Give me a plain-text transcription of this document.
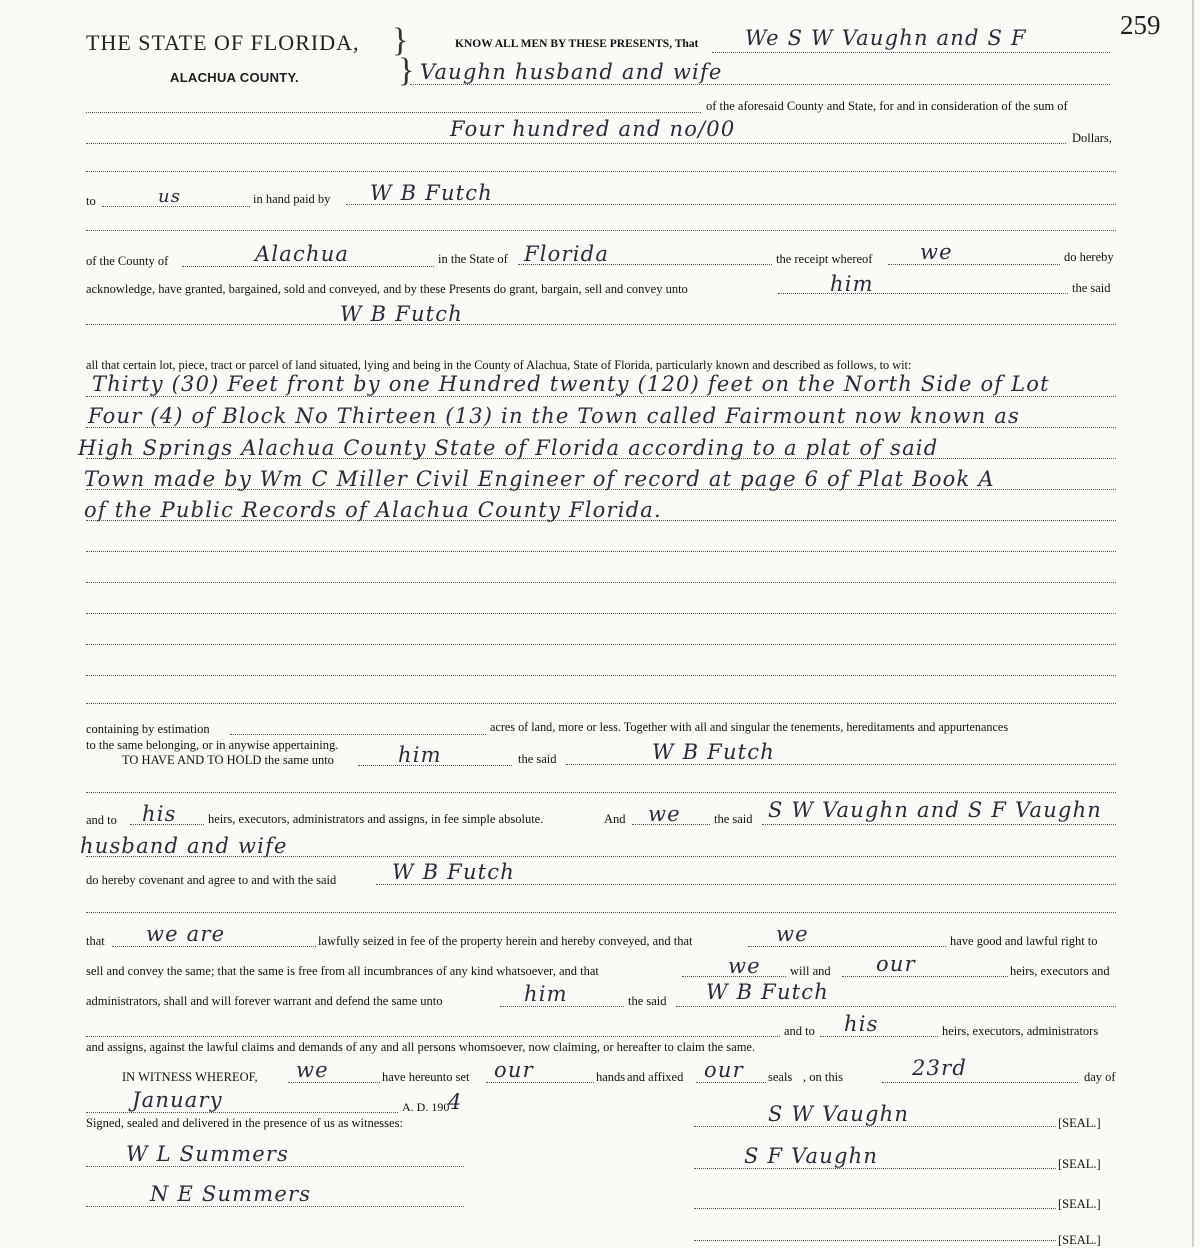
259
THE STATE OF FLORIDA,
ALACHUA COUNTY.
}
}
KNOW ALL MEN BY THESE PRESENTS, That We S W Vaughn and S F
Vaughn husband and wife
of the aforesaid County and State, for and in consideration of the sum of
Four hundred and no/00	Dollars,
to	us	in hand paid by W B Futch
of the County of	Alachua	in the State of Florida	the receipt whereof we	do hereby
acknowledge, have granted, bargained, sold and conveyed, and by these Presents do grant, bargain, sell and convey unto	him	the said
W B Futch
all that certain lot, piece, tract or parcel of land situated, lying and being in the County of Alachua, State of Florida, particularly known and described as follows, to wit:
Thirty (30) Feet front by one Hundred twenty (120) feet on the North Side of Lot
Four (4) of Block No Thirteen (13) in the Town called Fairmount now known as
High Springs Alachua County State of Florida according to a plat of said
Town made by Wm C Miller Civil Engineer of record at page 6 of Plat Book A
of the Public Records of Alachua County Florida.
containing by estimation	acres of land, more or less. Together with all and singular the tenements, hereditaments and appurtenances
to the same belonging, or in anywise appertaining.
TO HAVE AND TO HOLD the same unto	him	the said	W B Futch
and to his	heirs, executors, administrators and assigns, in fee simple absolute.	And we	the said S W Vaughn and S F Vaughn
husband and wife
do hereby covenant and agree to and with the said	W B Futch
that we are	lawfully seized in fee of the property herein and hereby conveyed, and that	we	have good and lawful right to
sell and convey the same; that the same is free from all incumbrances of any kind whatsoever, and that	we will and our	heirs, executors and
administrators, shall and will forever warrant and defend the same unto	him	the said W B Futch
and to his	heirs, executors, administrators
and assigns, against the lawful claims and demands of any and all persons whomsoever, now claiming, or hereafter to claim the same.
IN WITNESS WHEREOF, we	have hereunto set our	hands and affixed our seals , on this	23rd	day of
January	A. D. 190
4
Signed, sealed and delivered in the presence of us as witnesses:
W L Summers
N E Summers
S W Vaughn	[SEAL.]
S F Vaughn	[SEAL.]
[SEAL.]
[SEAL.]
